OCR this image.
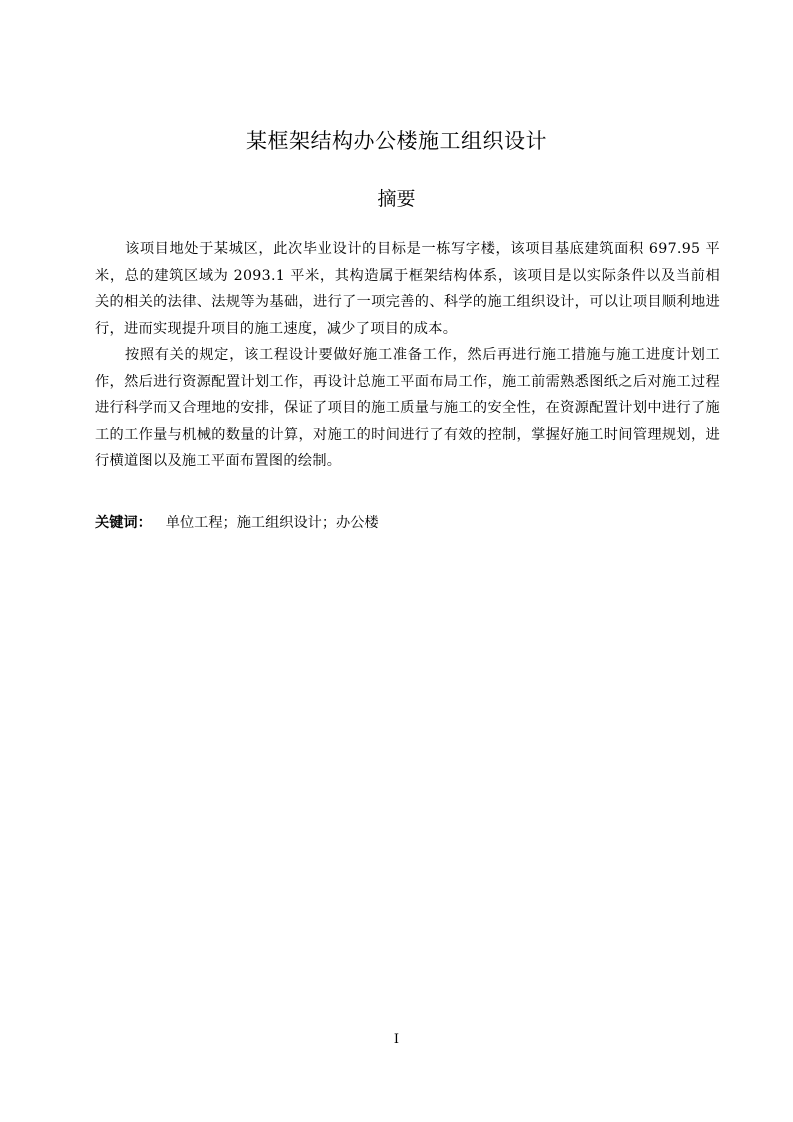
某框架结构办公楼施工组织设计
摘要

该项目地处于某城区，此次毕业设计的目标是一栋写字楼，该项目基底建筑面积 697.95 平米，总的建筑区域为 2093.1 平米，其构造属于框架结构体系，该项目是以实际条件以及当前相关的相关的法律、法规等为基础，进行了一项完善的、科学的施工组织设计，可以让项目顺利地进行，进而实现提升项目的施工速度，减少了项目的成本。

按照有关的规定，该工程设计要做好施工准备工作，然后再进行施工措施与施工进度计划工作，然后进行资源配置计划工作，再设计总施工平面布局工作，施工前需熟悉图纸之后对施工过程进行科学而又合理地的安排，保证了项目的施工质量与施工的安全性，在资源配置计划中进行了施工的工作量与机械的数量的计算，对施工的时间进行了有效的控制，掌握好施工时间管理规划，进行横道图以及施工平面布置图的绘制。

关键词： 单位工程；施工组织设计；办公楼
I
